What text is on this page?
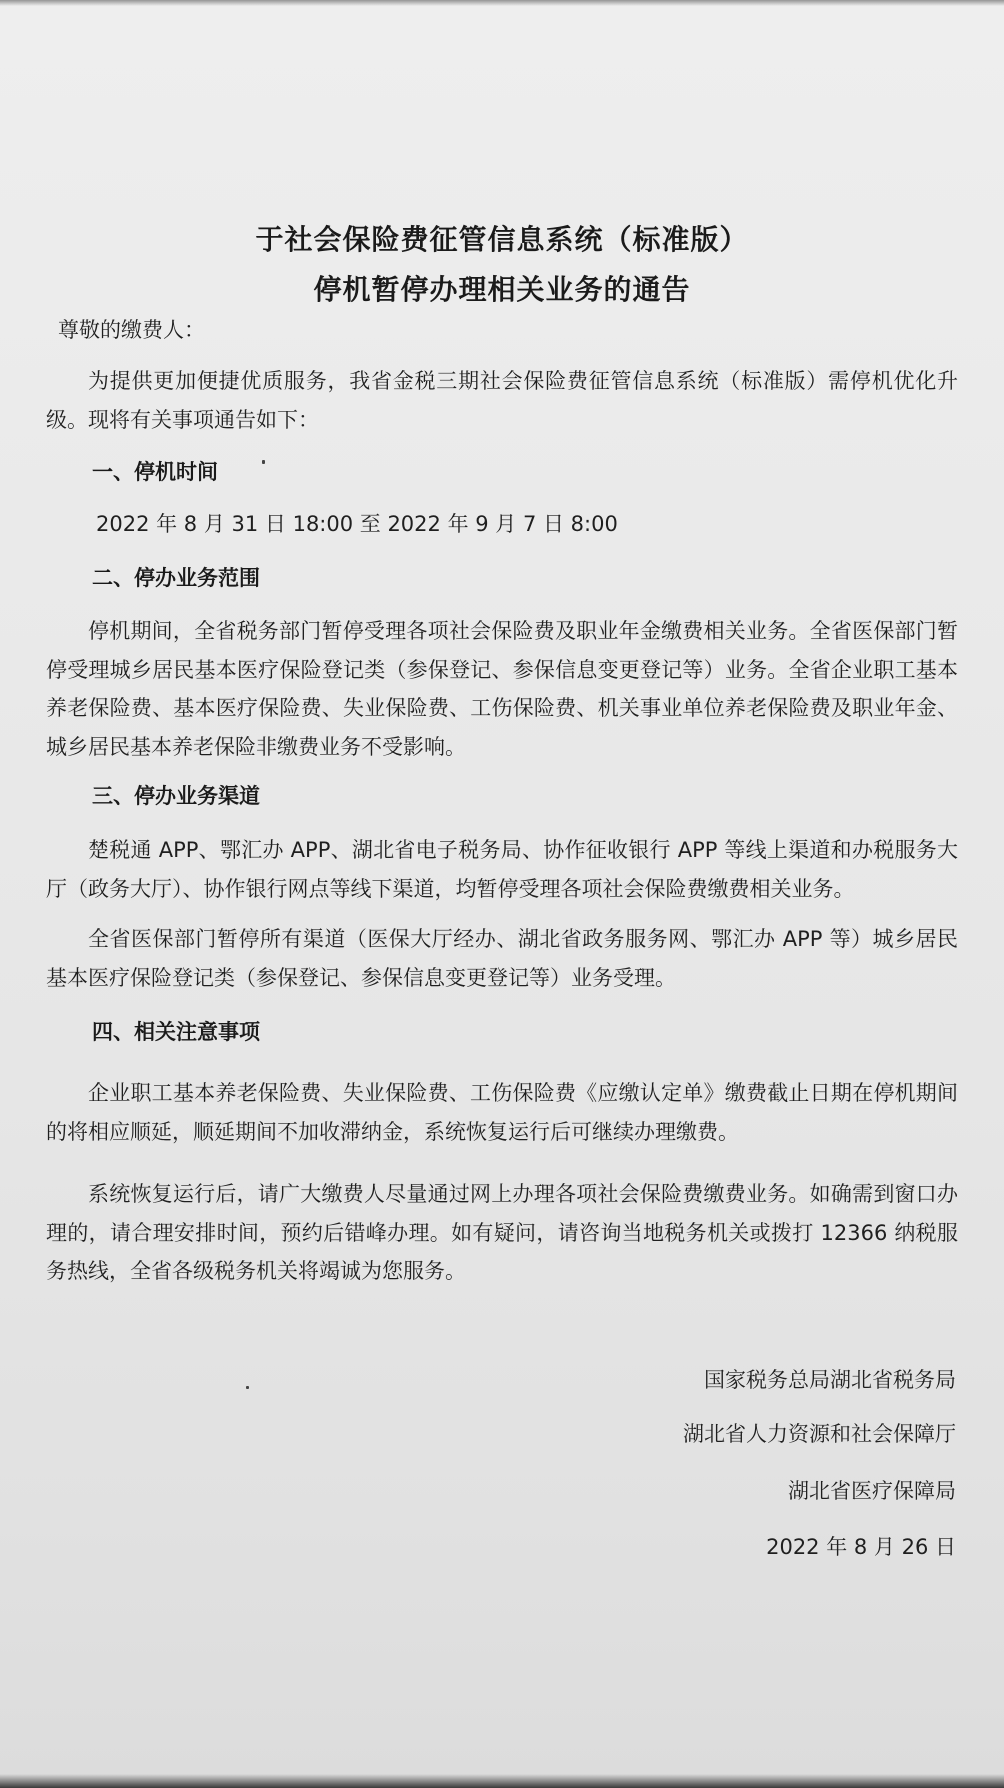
于社会保险费征管信息系统（标准版）
停机暂停办理相关业务的通告
尊敬的缴费人：
为提供更加便捷优质服务，我省金税三期社会保险费征管信息系统（标准版）需停机优化升级。现将有关事项通告如下：
一、停机时间
2022 年 8 月 31 日 18:00 至 2022 年 9 月 7 日 8:00
二、停办业务范围
停机期间，全省税务部门暂停受理各项社会保险费及职业年金缴费相关业务。全省医保部门暂停受理城乡居民基本医疗保险登记类（参保登记、参保信息变更登记等）业务。全省企业职工基本养老保险费、基本医疗保险费、失业保险费、工伤保险费、机关事业单位养老保险费及职业年金、城乡居民基本养老保险非缴费业务不受影响。
三、停办业务渠道
楚税通 APP、鄂汇办 APP、湖北省电子税务局、协作征收银行 APP 等线上渠道和办税服务大厅（政务大厅）、协作银行网点等线下渠道，均暂停受理各项社会保险费缴费相关业务。
全省医保部门暂停所有渠道（医保大厅经办、湖北省政务服务网、鄂汇办 APP 等）城乡居民基本医疗保险登记类（参保登记、参保信息变更登记等）业务受理。
四、相关注意事项
企业职工基本养老保险费、失业保险费、工伤保险费《应缴认定单》缴费截止日期在停机期间的将相应顺延，顺延期间不加收滞纳金，系统恢复运行后可继续办理缴费。
系统恢复运行后，请广大缴费人尽量通过网上办理各项社会保险费缴费业务。如确需到窗口办理的，请合理安排时间，预约后错峰办理。如有疑问，请咨询当地税务机关或拨打 12366 纳税服务热线，全省各级税务机关将竭诚为您服务。
国家税务总局湖北省税务局
湖北省人力资源和社会保障厅
湖北省医疗保障局
2022 年 8 月 26 日
